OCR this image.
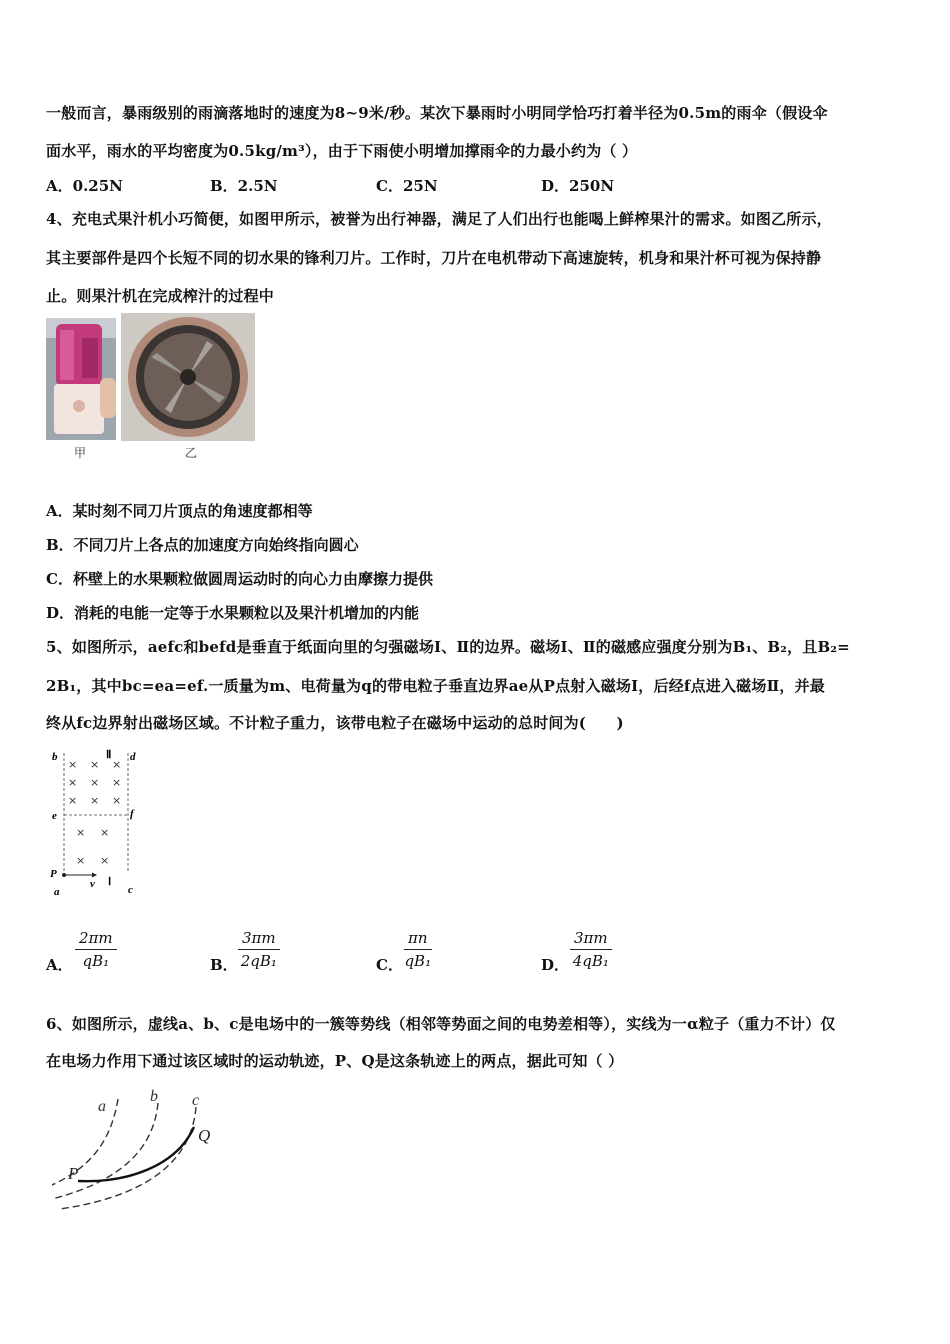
一般而言，暴雨级别的雨滴落地时的速度为8~9米/秒。某次下暴雨时小明同学恰巧打着半径为0.5m的雨伞（假设伞
面水平，雨水的平均密度为0.5kg/m³），由于下雨使小明增加撑雨伞的力最小约为（ ）
A．0.25N	B．2.5N	C．25N	D．250N
4、充电式果汁机小巧简便，如图甲所示，被誉为出行神器，满足了人们出行也能喝上鲜榨果汁的需求。如图乙所示，
其主要部件是四个长短不同的切水果的锋利刀片。工作时，刀片在电机带动下高速旋转，机身和果汁杯可视为保持静
止。则果汁机在完成榨汁的过程中
甲	乙
A．某时刻不同刀片顶点的角速度都相等
B．不同刀片上各点的加速度方向始终指向圆心
C．杯壁上的水果颗粒做圆周运动时的向心力由摩擦力提供
D．消耗的电能一定等于水果颗粒以及果汁机增加的内能
5、如图所示，aefc和befd是垂直于纸面向里的匀强磁场Ⅰ、Ⅱ的边界。磁场Ⅰ、Ⅱ的磁感应强度分别为B₁、B₂，且B₂=
2B₁，其中bc=ea=ef.一质量为m、电荷量为q的带电粒子垂直边界ae从P点射入磁场Ⅰ，后经f点进入磁场Ⅱ，并最
终从fc边界射出磁场区域。不计粒子重力，该带电粒子在磁场中运动的总时间为(　　)
b	d
Ⅱ
e	f
P
a	c
v Ⅰ
× × ×
× × ×
× × ×
× ×
× ×
A． $\frac{2\pi m}{\text{qB₁}}$	B． $\frac{3\pi m}{\text{2qB₁}}$	C． $\frac{\pi n}{\text{qB₁}}$	D． $\frac{3\pi m}{\text{4qB₁}}$
6、如图所示，虚线a、b、c是电场中的一簇等势线（相邻等势面之间的电势差相等），实线为一α粒子（重力不计）仅
在电场力作用下通过该区域时的运动轨迹，P、Q是这条轨迹上的两点，据此可知（ ）
a
b c
P
Q
